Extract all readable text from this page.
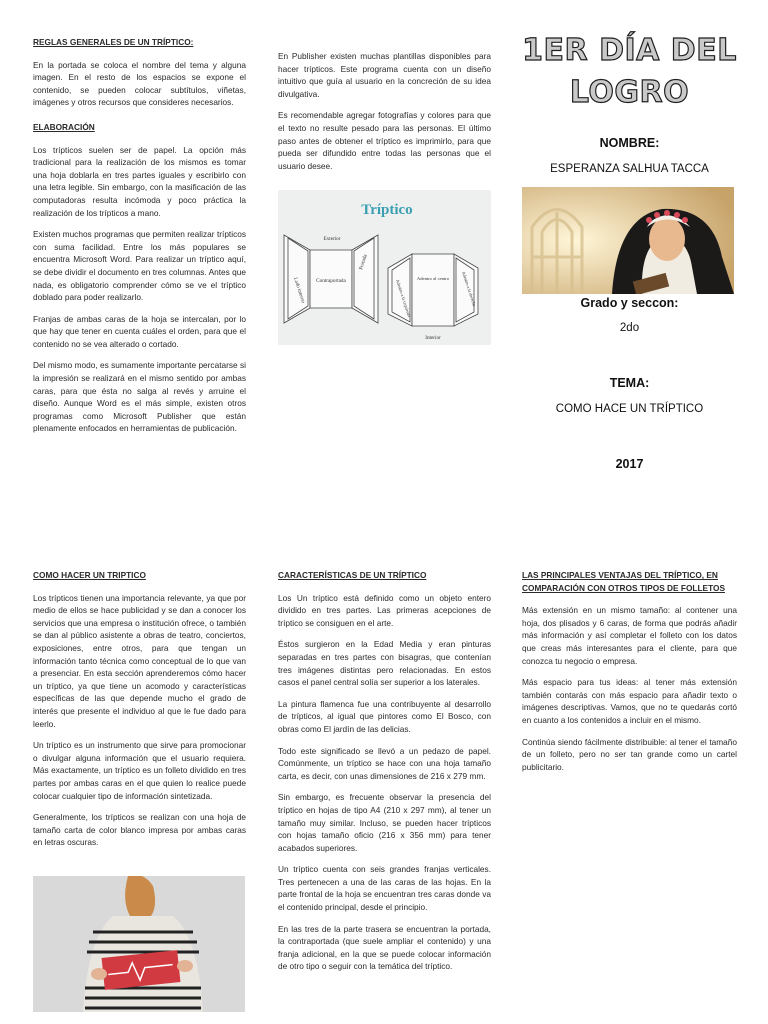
REGLAS GENERALES DE UN TRÍPTICO:

En la portada se coloca el nombre del tema y alguna imagen. En el resto de los espacios se expone el contenido, se pueden colocar subtítulos, viñetas, imágenes y otros recursos que consideres necesarios.

ELABORACIÓN

Los trípticos suelen ser de papel. La opción más tradicional para la realización de los mismos es tomar una hoja doblarla en tres partes iguales y escribirlo con una letra legible. Sin embargo, con la masificación de las computadoras resulta incómoda y poco práctica la realización de los trípticos a mano.

Existen muchos programas que permiten realizar trípticos con suma facilidad. Entre los más populares se encuentra Microsoft Word. Para realizar un tríptico aquí, se debe dividir el documento en tres columnas. Antes que nada, es obligatorio comprender cómo se ve el tríptico doblado para poder realizarlo.

Franjas de ambas caras de la hoja se intercalan, por lo que hay que tener en cuenta cuáles el orden, para que el contenido no se vea alterado o cortado.

Del mismo modo, es sumamente importante percatarse si la impresión se realizará en el mismo sentido por ambas caras, para que ésta no salga al revés y arruine el diseño. Aunque Word es el más simple, existen otros programas como Microsoft Publisher que están plenamente enfocados en herramientas de publicación.

En Publisher existen muchas plantillas disponibles para hacer trípticos. Este programa cuenta con un diseño intuitivo que guía al usuario en la concreción de su idea divulgativa.

Es recomendable agregar fotografías y colores para que el texto no resulte pesado para las personas. El último paso antes de obtener el tríptico es imprimirlo, para que pueda ser difundido entre todas las personas que el usuario desee.

Tríptico
Exterior
Lado interno Contraportada
Portada
Adentro a la izquierda
Adentro al centro	Adentro a la derecha
Interior
1ER DÍA DEL
LOGRO
NOMBRE:
ESPERANZA SALHUA TACCA
Grado y seccon:
2do
TEMA:
COMO HACE UN TRÍPTICO
2017
COMO HACER UN TRIPTICO

Los trípticos tienen una importancia relevante, ya que por medio de ellos se hace publicidad y se dan a conocer los servicios que una empresa o institución ofrece, o también se dan al público asistente a obras de teatro, conciertos, exposiciones, entre otros, para que tengan un información tanto técnica como conceptual de lo que van a presenciar. En esta sección aprenderemos cómo hacer un tríptico, ya que tiene un acomodo y características específicas de las que depende mucho el grado de interés que presente el individuo al que le fue dado para leerlo.

Un tríptico es un instrumento que sirve para promocionar o divulgar alguna información que el usuario requiera. Más exactamente, un tríptico es un folleto dividido en tres partes por ambas caras en el que quien lo realice puede colocar cualquier tipo de información sintetizada.

Generalmente, los trípticos se realizan con una hoja de tamaño carta de color blanco impresa por ambas caras en letras oscuras.

CARACTERÍSTICAS DE UN TRÍPTICO

Los Un tríptico está definido como un objeto entero dividido en tres partes. Las primeras acepciones de tríptico se consiguen en el arte.

Éstos surgieron en la Edad Media y eran pinturas separadas en tres partes con bisagras, que contenían tres imágenes distintas pero relacionadas. En estos casos el panel central solía ser superior a los laterales.

La pintura flamenca fue una contribuyente al desarrollo de trípticos, al igual que pintores como El Bosco, con obras como El jardín de las delicias.

Todo este significado se llevó a un pedazo de papel. Comúnmente, un tríptico se hace con una hoja tamaño carta, es decir, con unas dimensiones de 216 x 279 mm.

Sin embargo, es frecuente observar la presencia del tríptico en hojas de tipo A4 (210 x 297 mm), al tener un tamaño muy similar. Incluso, se pueden hacer trípticos con hojas tamaño oficio (216 x 356 mm) para tener acabados superiores.

Un tríptico cuenta con seis grandes franjas verticales. Tres pertenecen a una de las caras de las hojas. En la parte frontal de la hoja se encuentran tres caras donde va el contenido principal, desde el principio.

En las tres de la parte trasera se encuentran la portada, la contraportada (que suele ampliar el contenido) y una franja adicional, en la que se puede colocar información de otro tipo o seguir con la temática del tríptico.

LAS PRINCIPALES VENTAJAS DEL TRÍPTICO, EN COMPARACIÓN CON OTROS TIPOS DE FOLLETOS

Más extensión en un mismo tamaño: al contener una hoja, dos plisados y 6 caras, de forma que podrás añadir más información y así completar el folleto con los datos que creas más interesantes para el cliente, para que conozca tu negocio o empresa.

Más espacio para tus ideas: al tener más extensión también contarás con más espacio para añadir texto o imágenes descriptivas. Vamos, que no te quedarás cortó en cuanto a los contenidos a incluir en el mismo.

Continúa siendo fácilmente distribuible: al tener el tamaño de un folleto, pero no ser tan grande como un cartel publicitario.
